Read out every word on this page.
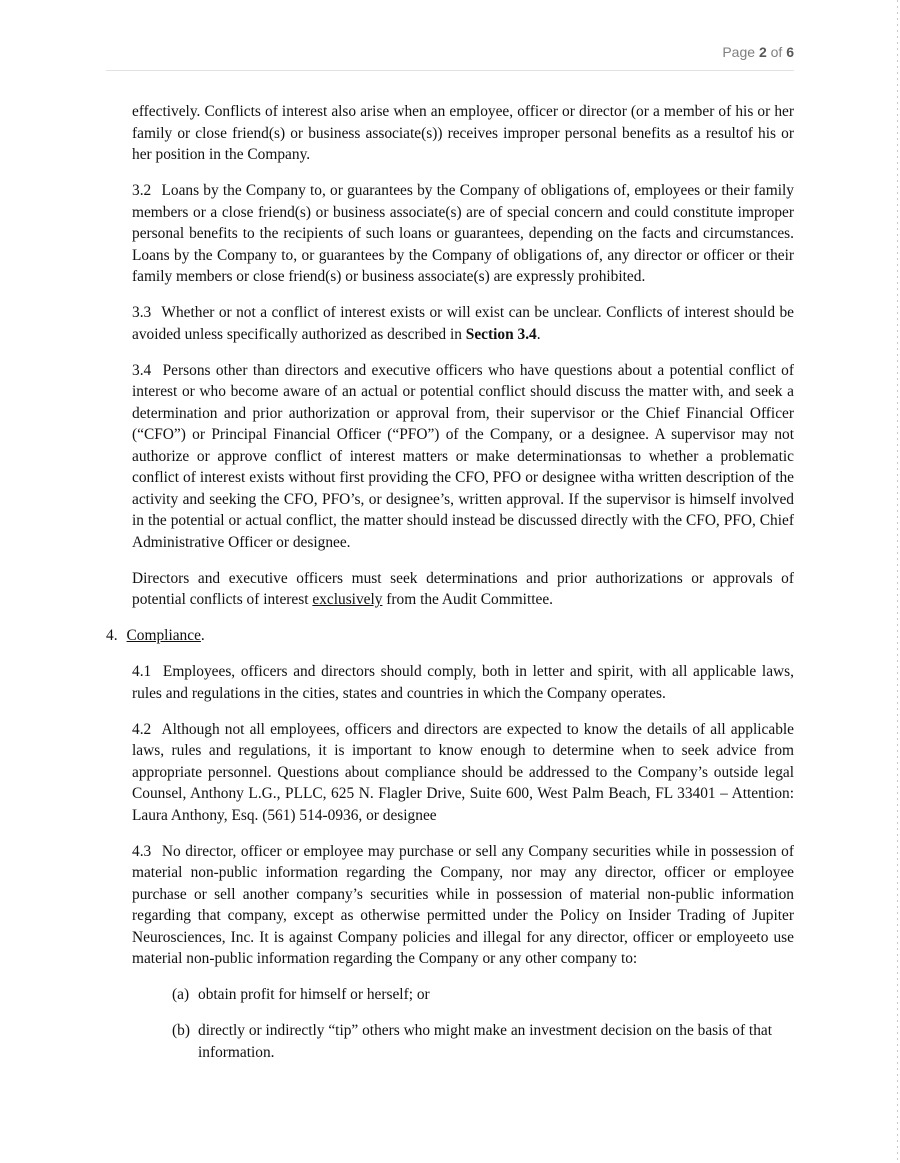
Page 2 of 6

effectively. Conflicts of interest also arise when an employee, officer or director (or a member of his or her family or close friend(s) or business associate(s)) receives improper personal benefits as a resultof his or her position in the Company.

3.2 Loans by the Company to, or guarantees by the Company of obligations of, employees or their family members or a close friend(s) or business associate(s) are of special concern and could constitute improper personal benefits to the recipients of such loans or guarantees, depending on the facts and circumstances. Loans by the Company to, or guarantees by the Company of obligations of, any director or officer or their family members or close friend(s) or business associate(s) are expressly prohibited.

3.3 Whether or not a conflict of interest exists or will exist can be unclear. Conflicts of interest should be avoided unless specifically authorized as described in Section 3.4.

3.4 Persons other than directors and executive officers who have questions about a potential conflict of interest or who become aware of an actual or potential conflict should discuss the matter with, and seek a determination and prior authorization or approval from, their supervisor or the Chief Financial Officer (“CFO”) or Principal Financial Officer (“PFO”) of the Company, or a designee. A supervisor may not authorize or approve conflict of interest matters or make determinationsas to whether a problematic conflict of interest exists without first providing the CFO, PFO or designee witha written description of the activity and seeking the CFO, PFO’s, or designee’s, written approval. If the supervisor is himself involved in the potential or actual conflict, the matter should instead be discussed directly with the CFO, PFO, Chief Administrative Officer or designee.

Directors and executive officers must seek determinations and prior authorizations or approvals of potential conflicts of interest exclusively from the Audit Committee.

4. Compliance.

4.1 Employees, officers and directors should comply, both in letter and spirit, with all applicable laws, rules and regulations in the cities, states and countries in which the Company operates.

4.2 Although not all employees, officers and directors are expected to know the details of all applicable laws, rules and regulations, it is important to know enough to determine when to seek advice from appropriate personnel. Questions about compliance should be addressed to the Company’s outside legal Counsel, Anthony L.G., PLLC, 625 N. Flagler Drive, Suite 600, West Palm Beach, FL 33401 – Attention: Laura Anthony, Esq. (561) 514-0936, or designee

4.3 No director, officer or employee may purchase or sell any Company securities while in possession of material non-public information regarding the Company, nor may any director, officer or employee purchase or sell another company’s securities while in possession of material non-public information regarding that company, except as otherwise permitted under the Policy on Insider Trading of Jupiter Neurosciences, Inc. It is against Company policies and illegal for any director, officer or employeeto use material non-public information regarding the Company or any other company to:

(a) obtain profit for himself or herself; or
(b) directly or indirectly “tip” others who might make an investment decision on the basis of that information.
